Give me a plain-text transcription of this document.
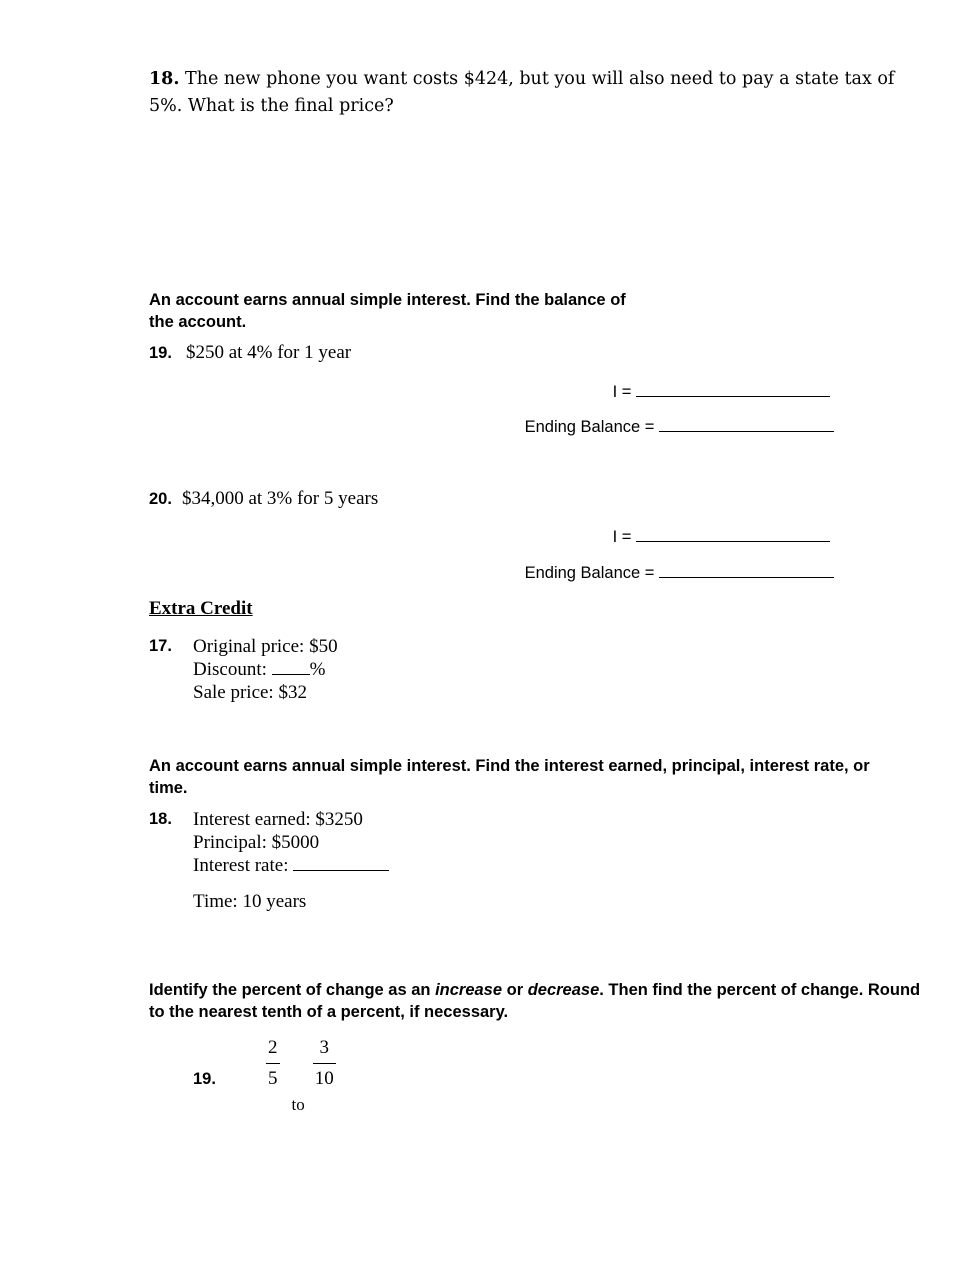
18. The new phone you want costs $424, but you will also need to pay a state tax of 5%. What is the final price?
An account earns annual simple interest. Find the balance of
the account.
19. $250 at 4% for 1 year
I =
Ending Balance =
20. $34,000 at 3% for 5 years
I =
Ending Balance =
Extra Credit
17. Original price: $50
Discount: %
Sale price: $32
An account earns annual simple interest. Find the interest earned, principal, interest rate, or time.
18. Interest earned: $3250
Principal: $5000
Interest rate:
Time: 10 years
Identify the percent of change as an increase or decrease. Then find the percent of change. Round to the nearest tenth of a percent, if necessary.
19.	$\frac{2}{5}$
to
$\frac{3}{10}$
